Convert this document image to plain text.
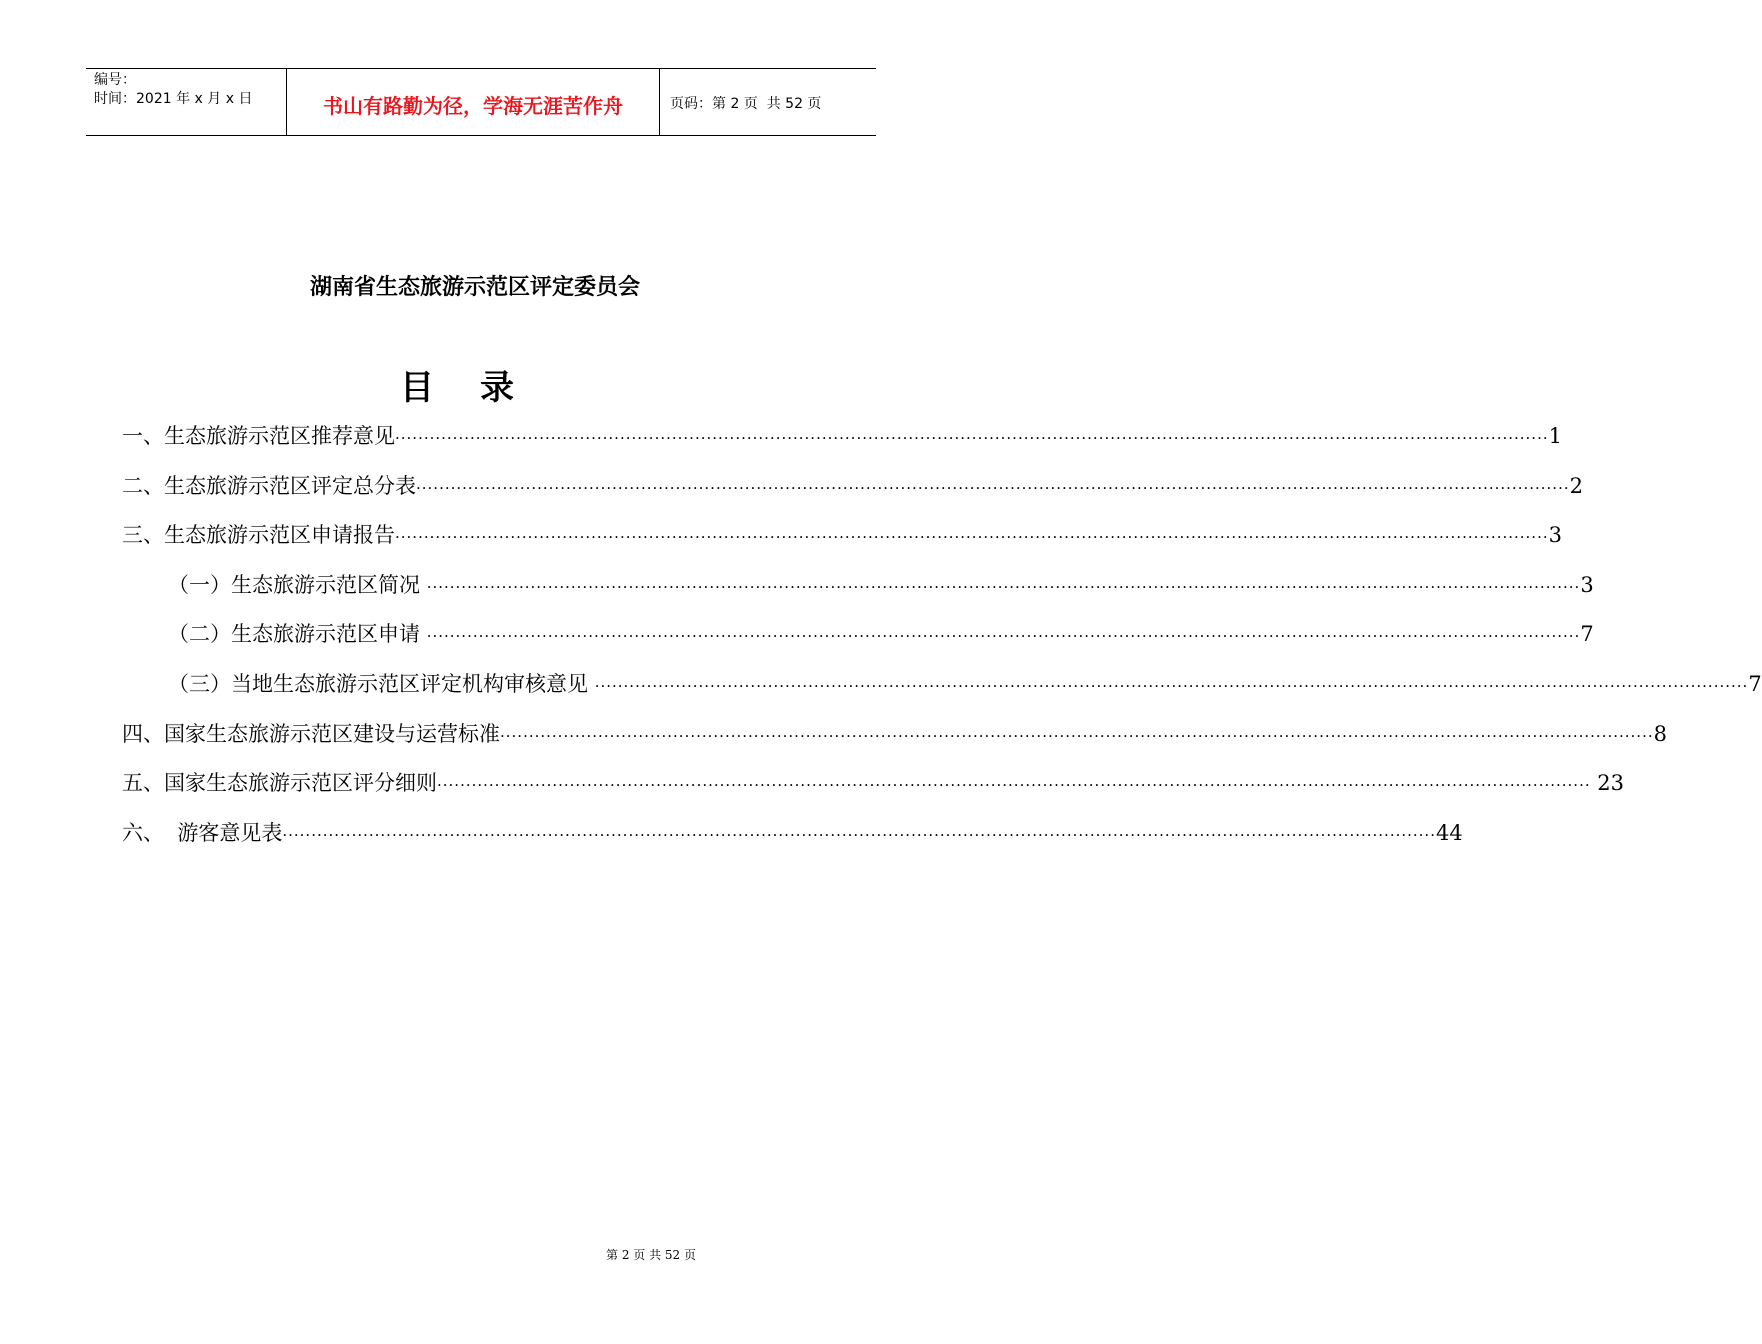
编号：
时间：2021 年 x 月 x 日	书山有路勤为径，学海无涯苦作舟	页码：第 2 页  共 52 页
湖南省生态旅游示范区评定委员会
目录
一、生态旅游示范区推荐意见 ········································································································································································································ 1
二、生态旅游示范区评定总分表 ········································································································································································································ 2
三、生态旅游示范区申请报告 ········································································································································································································ 3
（一）生态旅游示范区简况 ········································································································································································································ 3
（二）生态旅游示范区申请 ········································································································································································································ 7
（三）当地生态旅游示范区评定机构审核意见 ········································································································································································································ 7
四、国家生态旅游示范区建设与运营标准 ········································································································································································································ 8
五、国家生态旅游示范区评分细则 ········································································································································································································ 23
六、  游客意见表 ········································································································································································································ 44
第 2 页 共 52 页
